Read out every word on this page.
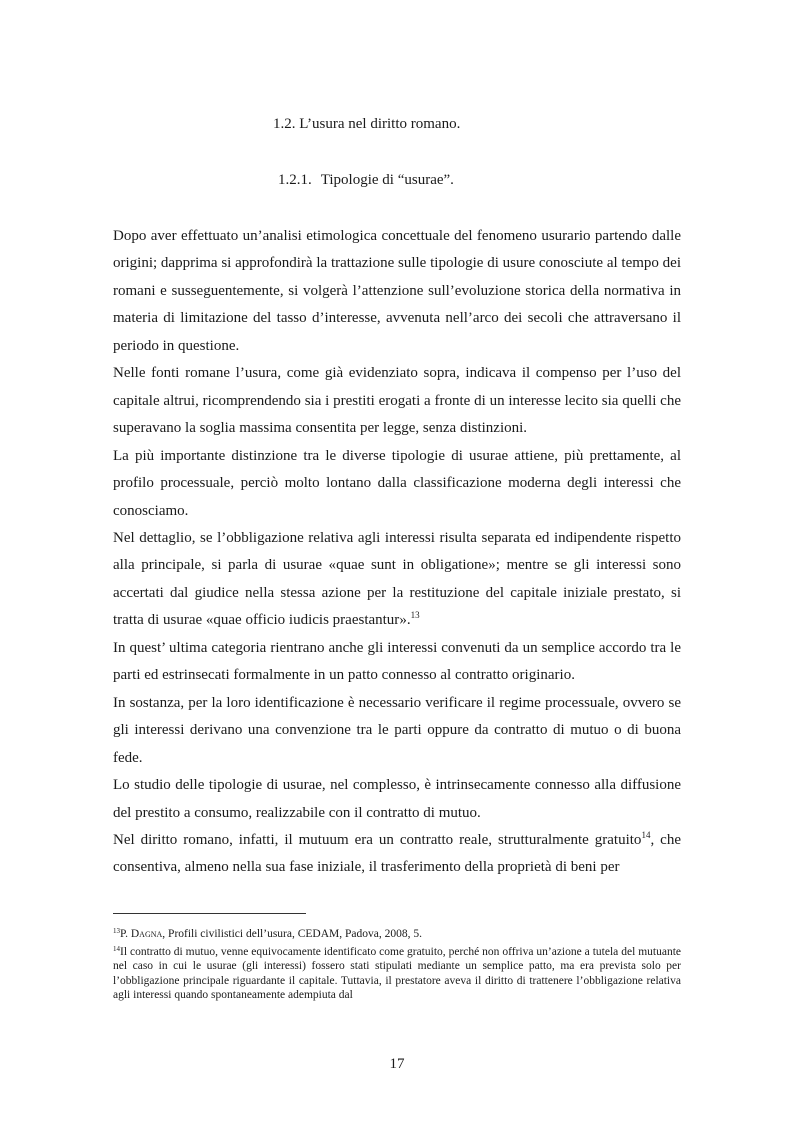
1.2. L’usura nel diritto romano.
1.2.1. Tipologie di “usurae”.

Dopo aver effettuato un’analisi etimologica concettuale del fenomeno usurario partendo dalle origini; dapprima si approfondirà la trattazione sulle tipologie di usure conosciute al tempo dei romani e susseguentemente, si volgerà l’attenzione sull’evoluzione storica della normativa in materia di limitazione del tasso d’interesse, avvenuta nell’arco dei secoli che attraversano il periodo in questione.

Nelle fonti romane l’usura, come già evidenziato sopra, indicava il compenso per l’uso del capitale altrui, ricomprendendo sia i prestiti erogati a fronte di un interesse lecito sia quelli che superavano la soglia massima consentita per legge, senza distinzioni.

La più importante distinzione tra le diverse tipologie di usurae attiene, più prettamente, al profilo processuale, perciò molto lontano dalla classificazione moderna degli interessi che conosciamo.

Nel dettaglio, se l’obbligazione relativa agli interessi risulta separata ed indipendente rispetto alla principale, si parla di usurae «quae sunt in obligatione»; mentre se gli interessi sono accertati dal giudice nella stessa azione per la restituzione del capitale iniziale prestato, si tratta di usurae «quae officio iudicis praestantur».$^{13}$

In quest’ ultima categoria rientrano anche gli interessi convenuti da un semplice accordo tra le parti ed estrinsecati formalmente in un patto connesso al contratto originario.

In sostanza, per la loro identificazione è necessario verificare il regime processuale, ovvero se gli interessi derivano una convenzione tra le parti oppure da contratto di mutuo o di buona fede.

Lo studio delle tipologie di usurae, nel complesso, è intrinsecamente connesso alla diffusione del prestito a consumo, realizzabile con il contratto di mutuo.

Nel diritto romano, infatti, il mutuum era un contratto reale, strutturalmente gratuito$^{14}$, che consentiva, almeno nella sua fase iniziale, il trasferimento della proprietà di beni per

$^{13}$P. Dagna, Profili civilistici dell’usura, CEDAM, Padova, 2008, 5.

$^{14}$Il contratto di mutuo, venne equivocamente identificato come gratuito, perché non offriva un’azione a tutela del mutuante nel caso in cui le usurae (gli interessi) fossero stati stipulati mediante un semplice patto, ma era prevista solo per l’obbligazione principale riguardante il capitale. Tuttavia, il prestatore aveva il diritto di trattenere l’obbligazione relativa agli interessi quando spontaneamente adempiuta dal

17
